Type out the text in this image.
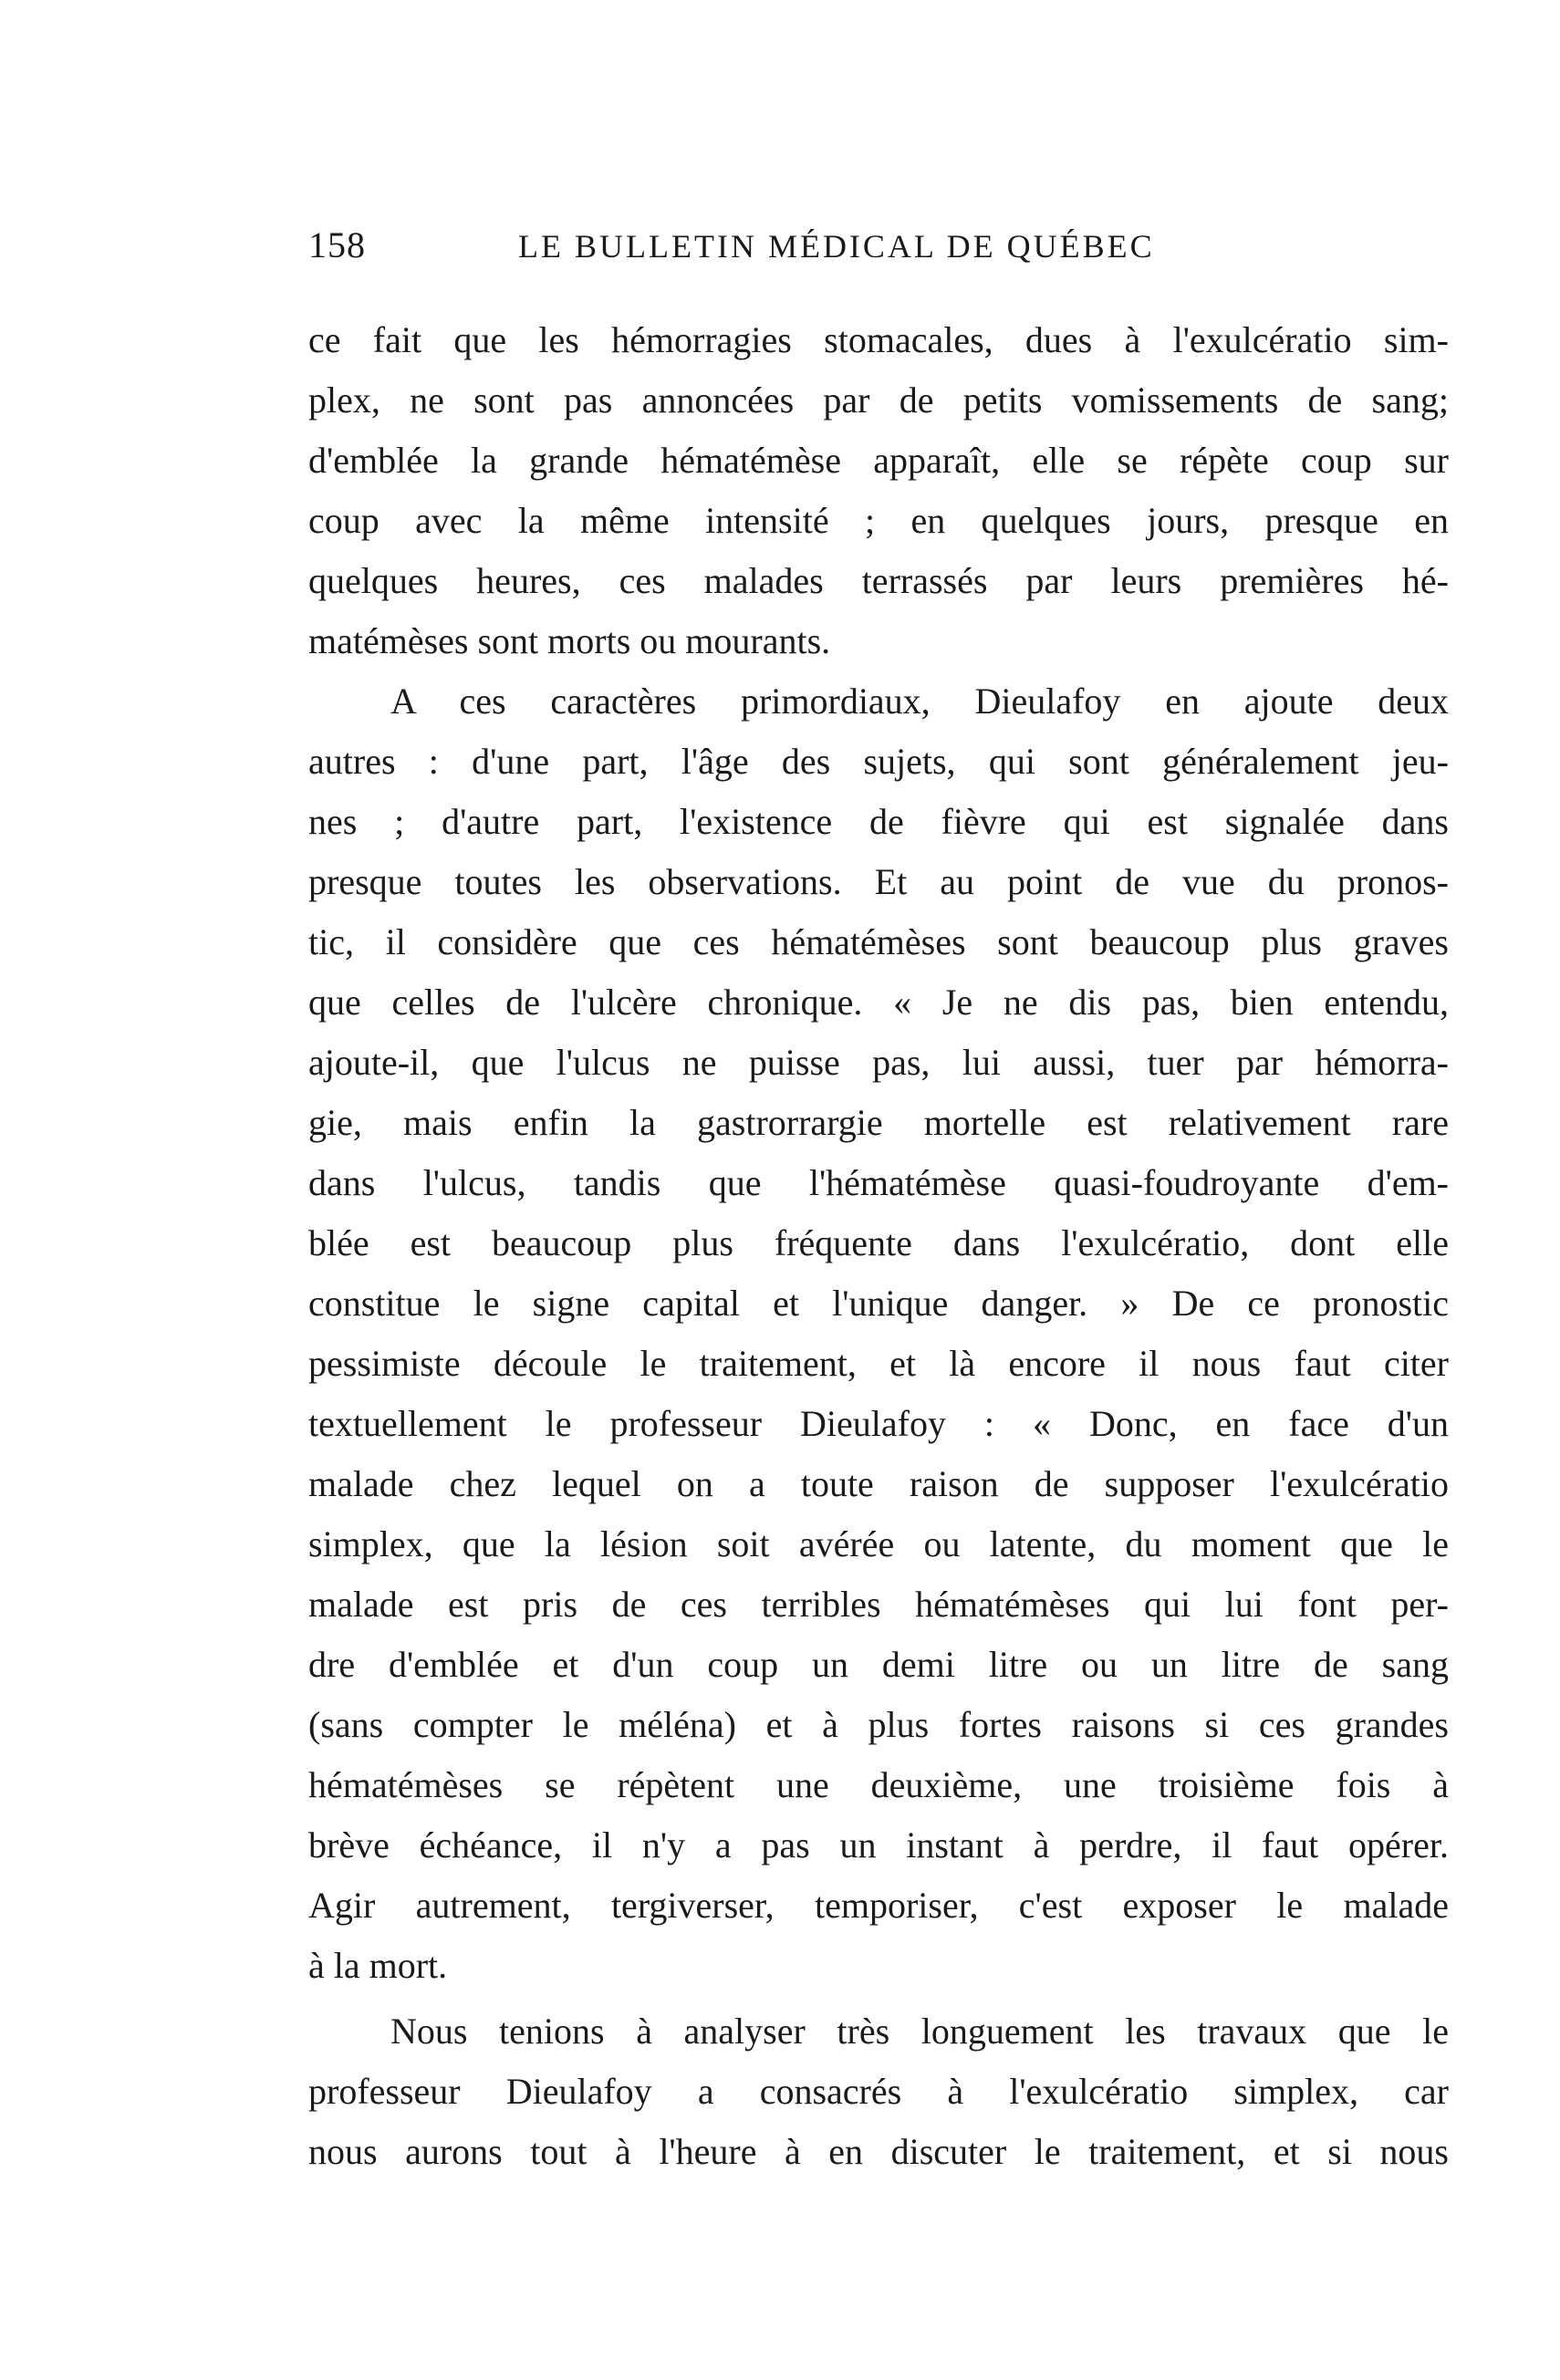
158	LE BULLETIN MÉDICAL DE QUÉBEC
ce fait que les hémorragies stomacales, dues à l'exulcératio sim-
plex, ne sont pas annoncées par de petits vomissements de sang;
d'emblée la grande hématémèse apparaît, elle se répète coup sur
coup avec la même intensité ; en quelques jours, presque en
quelques heures, ces malades terrassés par leurs premières hé-
matémèses sont morts ou mourants.
A ces caractères primordiaux, Dieulafoy en ajoute deux
autres : d'une part, l'âge des sujets, qui sont généralement jeu-
nes ; d'autre part, l'existence de fièvre qui est signalée dans
presque toutes les observations. Et au point de vue du pronos-
tic, il considère que ces hématémèses sont beaucoup plus graves
que celles de l'ulcère chronique. « Je ne dis pas, bien entendu,
ajoute-il, que l'ulcus ne puisse pas, lui aussi, tuer par hémorra-
gie, mais enfin la gastrorrargie mortelle est relativement rare
dans l'ulcus, tandis que l'hématémèse quasi-foudroyante d'em-
blée est beaucoup plus fréquente dans l'exulcératio, dont elle
constitue le signe capital et l'unique danger. » De ce pronostic
pessimiste découle le traitement, et là encore il nous faut citer
textuellement le professeur Dieulafoy : « Donc, en face d'un
malade chez lequel on a toute raison de supposer l'exulcératio
simplex, que la lésion soit avérée ou latente, du moment que le
malade est pris de ces terribles hématémèses qui lui font per-
dre d'emblée et d'un coup un demi litre ou un litre de sang
(sans compter le méléna) et à plus fortes raisons si ces grandes
hématémèses se répètent une deuxième, une troisième fois à
brève échéance, il n'y a pas un instant à perdre, il faut opérer.
Agir autrement, tergiverser, temporiser, c'est exposer le malade
à la mort.
Nous tenions à analyser très longuement les travaux que le
professeur Dieulafoy a consacrés à l'exulcératio simplex, car
nous aurons tout à l'heure à en discuter le traitement, et si nous
